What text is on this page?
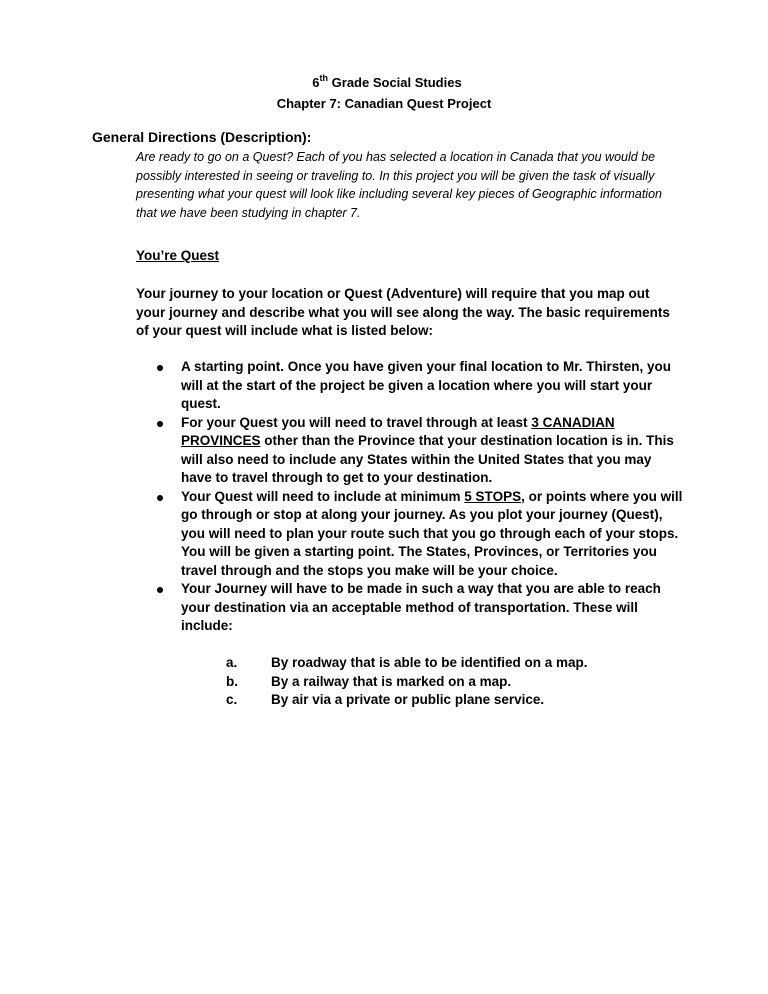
6th Grade Social Studies
Chapter 7: Canadian Quest Project
General Directions (Description):

Are ready to go on a Quest? Each of you has selected a location in Canada that you would be possibly interested in seeing or traveling to. In this project you will be given the task of visually presenting what your quest will look like including several key pieces of Geographic information that we have been studying in chapter 7.

You’re Quest

Your journey to your location or Quest (Adventure) will require that you map out your journey and describe what you will see along the way. The basic requirements of your quest will include what is listed below:

A starting point. Once you have given your final location to Mr. Thirsten, you will at the start of the project be given a location where you will start your quest.
For your Quest you will need to travel through at least 3 CANADIAN PROVINCES other than the Province that your destination location is in. This will also need to include any States within the United States that you may have to travel through to get to your destination.
Your Quest will need to include at minimum 5 STOPS, or points where you will go through or stop at along your journey. As you plot your journey (Quest), you will need to plan your route such that you go through each of your stops. You will be given a starting point. The States, Provinces, or Territories you travel through and the stops you make will be your choice.
Your Journey will have to be made in such a way that you are able to reach your destination via an acceptable method of transportation. These will include:
a.	By roadway that is able to be identified on a map.
b.	By a railway that is marked on a map.
c.	By air via a private or public plane service.
